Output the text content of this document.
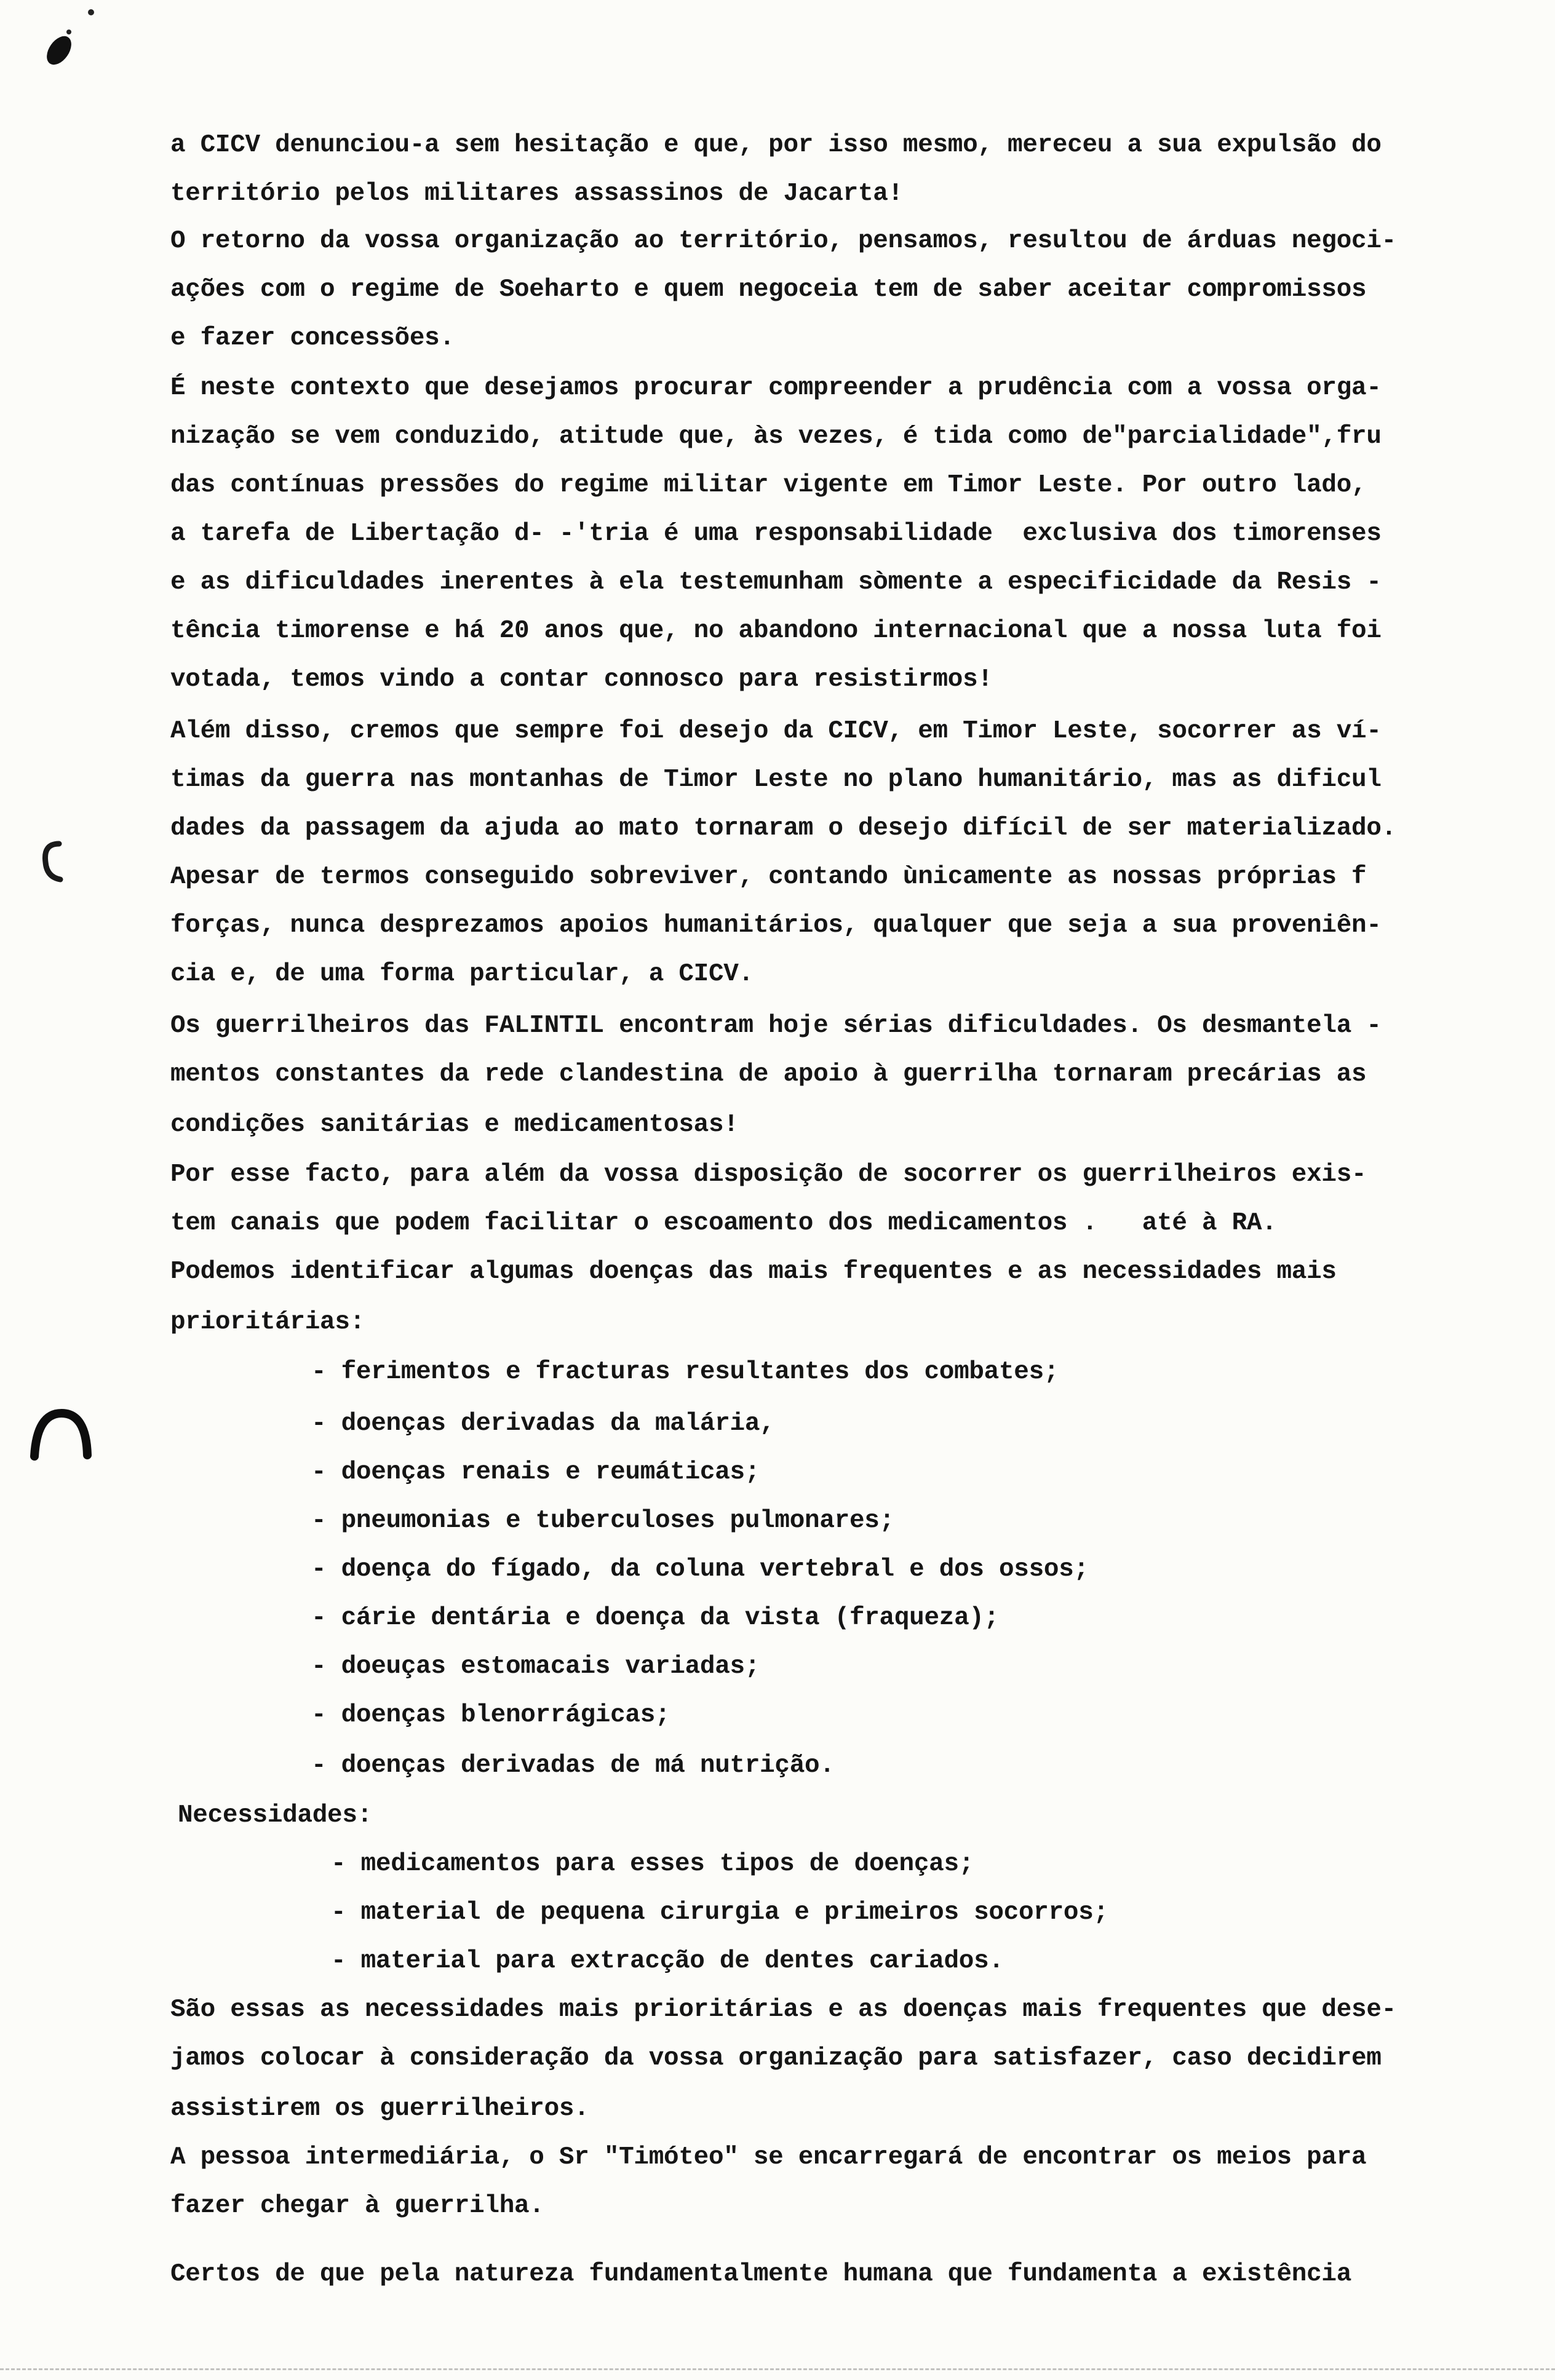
a CICV denunciou-a sem hesitação e que, por isso mesmo, mereceu a sua expulsão do
território pelos militares assassinos de Jacarta!
O retorno da vossa organização ao território, pensamos, resultou de árduas negoci-
ações com o regime de Soeharto e quem negoceia tem de saber aceitar compromissos
e fazer concessões.
É neste contexto que desejamos procurar compreender a prudência com a vossa orga-
nização se vem conduzido, atitude que, às vezes, é tida como de"parcialidade",fru
das contínuas pressões do regime militar vigente em Timor Leste. Por outro lado,
a tarefa de Libertação d- -'tria é uma responsabilidade  exclusiva dos timorenses
e as dificuldades inerentes à ela testemunham sòmente a especificidade da Resis -
tência timorense e há 20 anos que, no abandono internacional que a nossa luta foi
votada, temos vindo a contar connosco para resistirmos!
Além disso, cremos que sempre foi desejo da CICV, em Timor Leste, socorrer as ví-
timas da guerra nas montanhas de Timor Leste no plano humanitário, mas as dificul
dades da passagem da ajuda ao mato tornaram o desejo difícil de ser materializado.
Apesar de termos conseguido sobreviver, contando ùnicamente as nossas próprias f
forças, nunca desprezamos apoios humanitários, qualquer que seja a sua proveniên-
cia e, de uma forma particular, a CICV.
Os guerrilheiros das FALINTIL encontram hoje sérias dificuldades. Os desmantela -
mentos constantes da rede clandestina de apoio à guerrilha tornaram precárias as
condições sanitárias e medicamentosas!
Por esse facto, para além da vossa disposição de socorrer os guerrilheiros exis-
tem canais que podem facilitar o escoamento dos medicamentos .   até à RA.
Podemos identificar algumas doenças das mais frequentes e as necessidades mais
prioritárias:
- ferimentos e fracturas resultantes dos combates;
- doenças derivadas da malária,
- doenças renais e reumáticas;
- pneumonias e tuberculoses pulmonares;
- doença do fígado, da coluna vertebral e dos ossos;
- cárie dentária e doença da vista (fraqueza);
- doeuças estomacais variadas;
- doenças blenorrágicas;
- doenças derivadas de má nutrição.
Necessidades:
- medicamentos para esses tipos de doenças;
- material de pequena cirurgia e primeiros socorros;
- material para extracção de dentes cariados.
São essas as necessidades mais prioritárias e as doenças mais frequentes que dese-
jamos colocar à consideração da vossa organização para satisfazer, caso decidirem
assistirem os guerrilheiros.
A pessoa intermediária, o Sr "Timóteo" se encarregará de encontrar os meios para
fazer chegar à guerrilha.
Certos de que pela natureza fundamentalmente humana que fundamenta a existência
